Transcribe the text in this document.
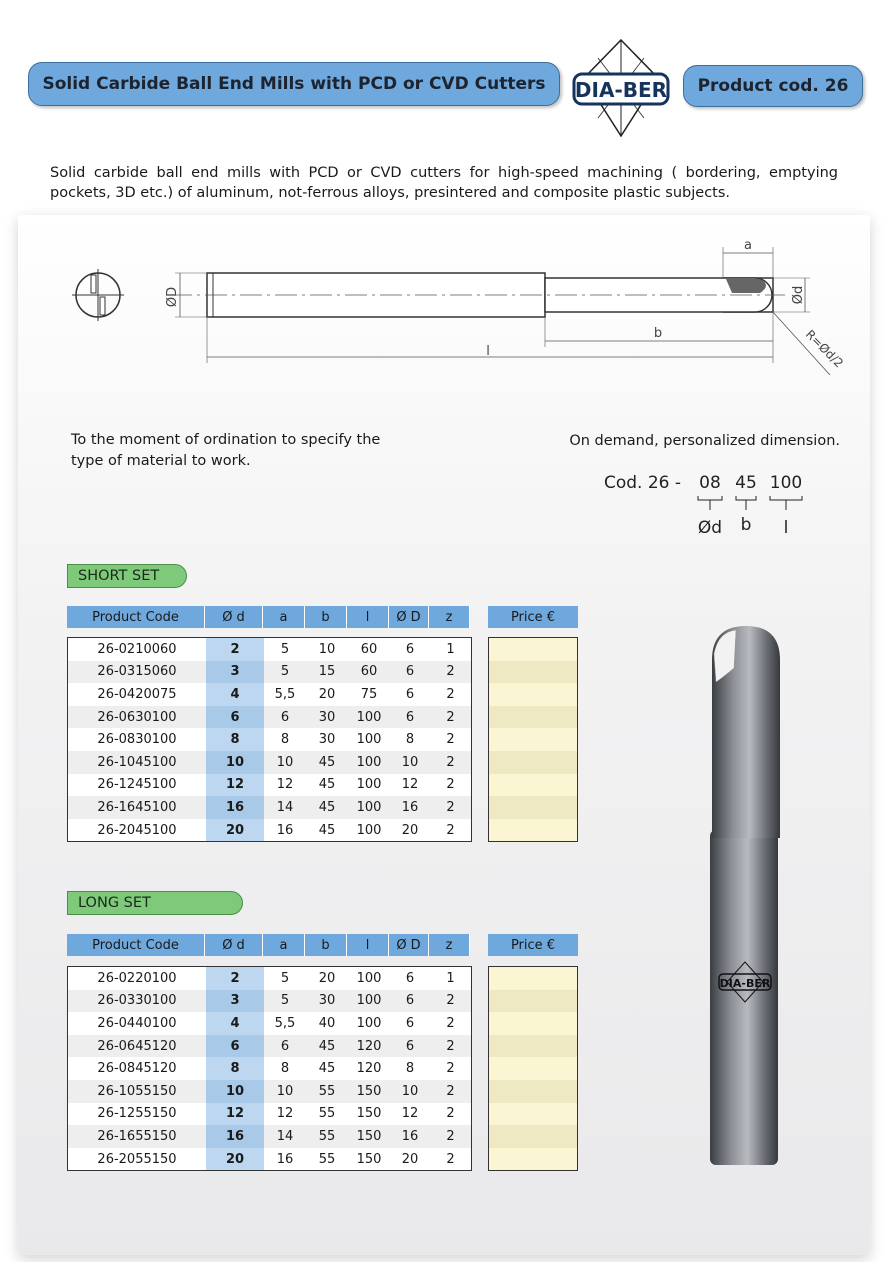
Solid Carbide Ball End Mills with PCD or CVD Cutters DIA-BER Product cod. 26
Solid carbide ball end mills with PCD or CVD cutters for high-speed machining ( bordering, emptying pockets, 3D etc.) of aluminum, not-ferrous alloys, presintered and composite plastic subjects.
ØD	Ød
a
b
l	R=Ød/2
To the moment of ordination to specify the type of material to work.
On demand, personalized dimension.
Cod. 26 - 08 45 100
Ød b l
SHORT SET
Product Code	Ø d	a	b	l	Ø D	z	Price €
26-0210060	2	5	10	60	6	1
26-0315060	3	5	15	60	6	2
26-0420075	4	5,5	20	75	6	2
26-0630100	6	6	30	100	6	2
26-0830100	8	8	30	100	8	2
26-1045100	10	10	45	100	10	2
26-1245100	12	12	45	100	12	2
26-1645100	16	14	45	100	16	2
26-2045100	20	16	45	100	20	2
LONG SET
Product Code	Ø d	a	b	l	Ø D	z	Price €
26-0220100	2	5	20	100	6	1
26-0330100	3	5	30	100	6	2
26-0440100	4	5,5	40	100	6	2
26-0645120	6	6	45	120	6	2
26-0845120	8	8	45	120	8	2
26-1055150	10	10	55	150	10	2
26-1255150	12	12	55	150	12	2
26-1655150	16	14	55	150	16	2
26-2055150	20	16	55	150	20	2
DIA-BER
